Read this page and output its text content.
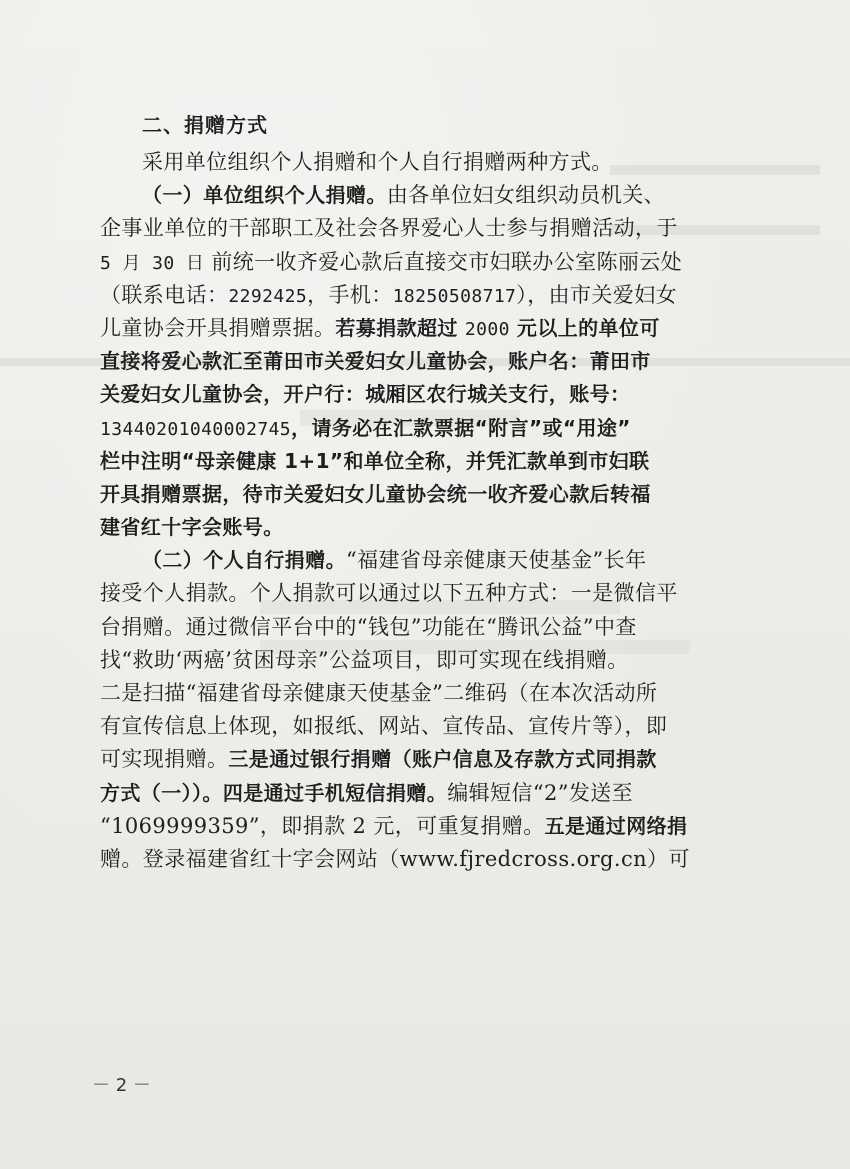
二、捐赠方式
采用单位组织个人捐赠和个人自行捐赠两种方式。
（一）单位组织个人捐赠。由各单位妇女组织动员机关、
企事业单位的干部职工及社会各界爱心人士参与捐赠活动，于
5 月 30 日 前统一收齐爱心款后直接交市妇联办公室陈丽云处
（联系电话：2292425，手机：18250508717），由市关爱妇女
儿童协会开具捐赠票据。若募捐款超过 2000 元以上的单位可
直接将爱心款汇至莆田市关爱妇女儿童协会，账户名：莆田市
关爱妇女儿童协会，开户行：城厢区农行城关支行，账号：
13440201040002745，请务必在汇款票据“附言”或“用途”
栏中注明“母亲健康 1+1”和单位全称，并凭汇款单到市妇联
开具捐赠票据，待市关爱妇女儿童协会统一收齐爱心款后转福
建省红十字会账号。
（二）个人自行捐赠。“福建省母亲健康天使基金”长年
接受个人捐款。个人捐款可以通过以下五种方式：一是微信平
台捐赠。通过微信平台中的“钱包”功能在“腾讯公益”中查
找“救助‘两癌’贫困母亲”公益项目，即可实现在线捐赠。
二是扫描“福建省母亲健康天使基金”二维码（在本次活动所
有宣传信息上体现，如报纸、网站、宣传品、宣传片等），即
可实现捐赠。三是通过银行捐赠（账户信息及存款方式同捐款
方式（一））。四是通过手机短信捐赠。编辑短信“2”发送至
“1069999359”，即捐款 2 元，可重复捐赠。五是通过网络捐
赠。登录福建省红十字会网站（www.fjredcross.org.cn）可
－ 2 －
